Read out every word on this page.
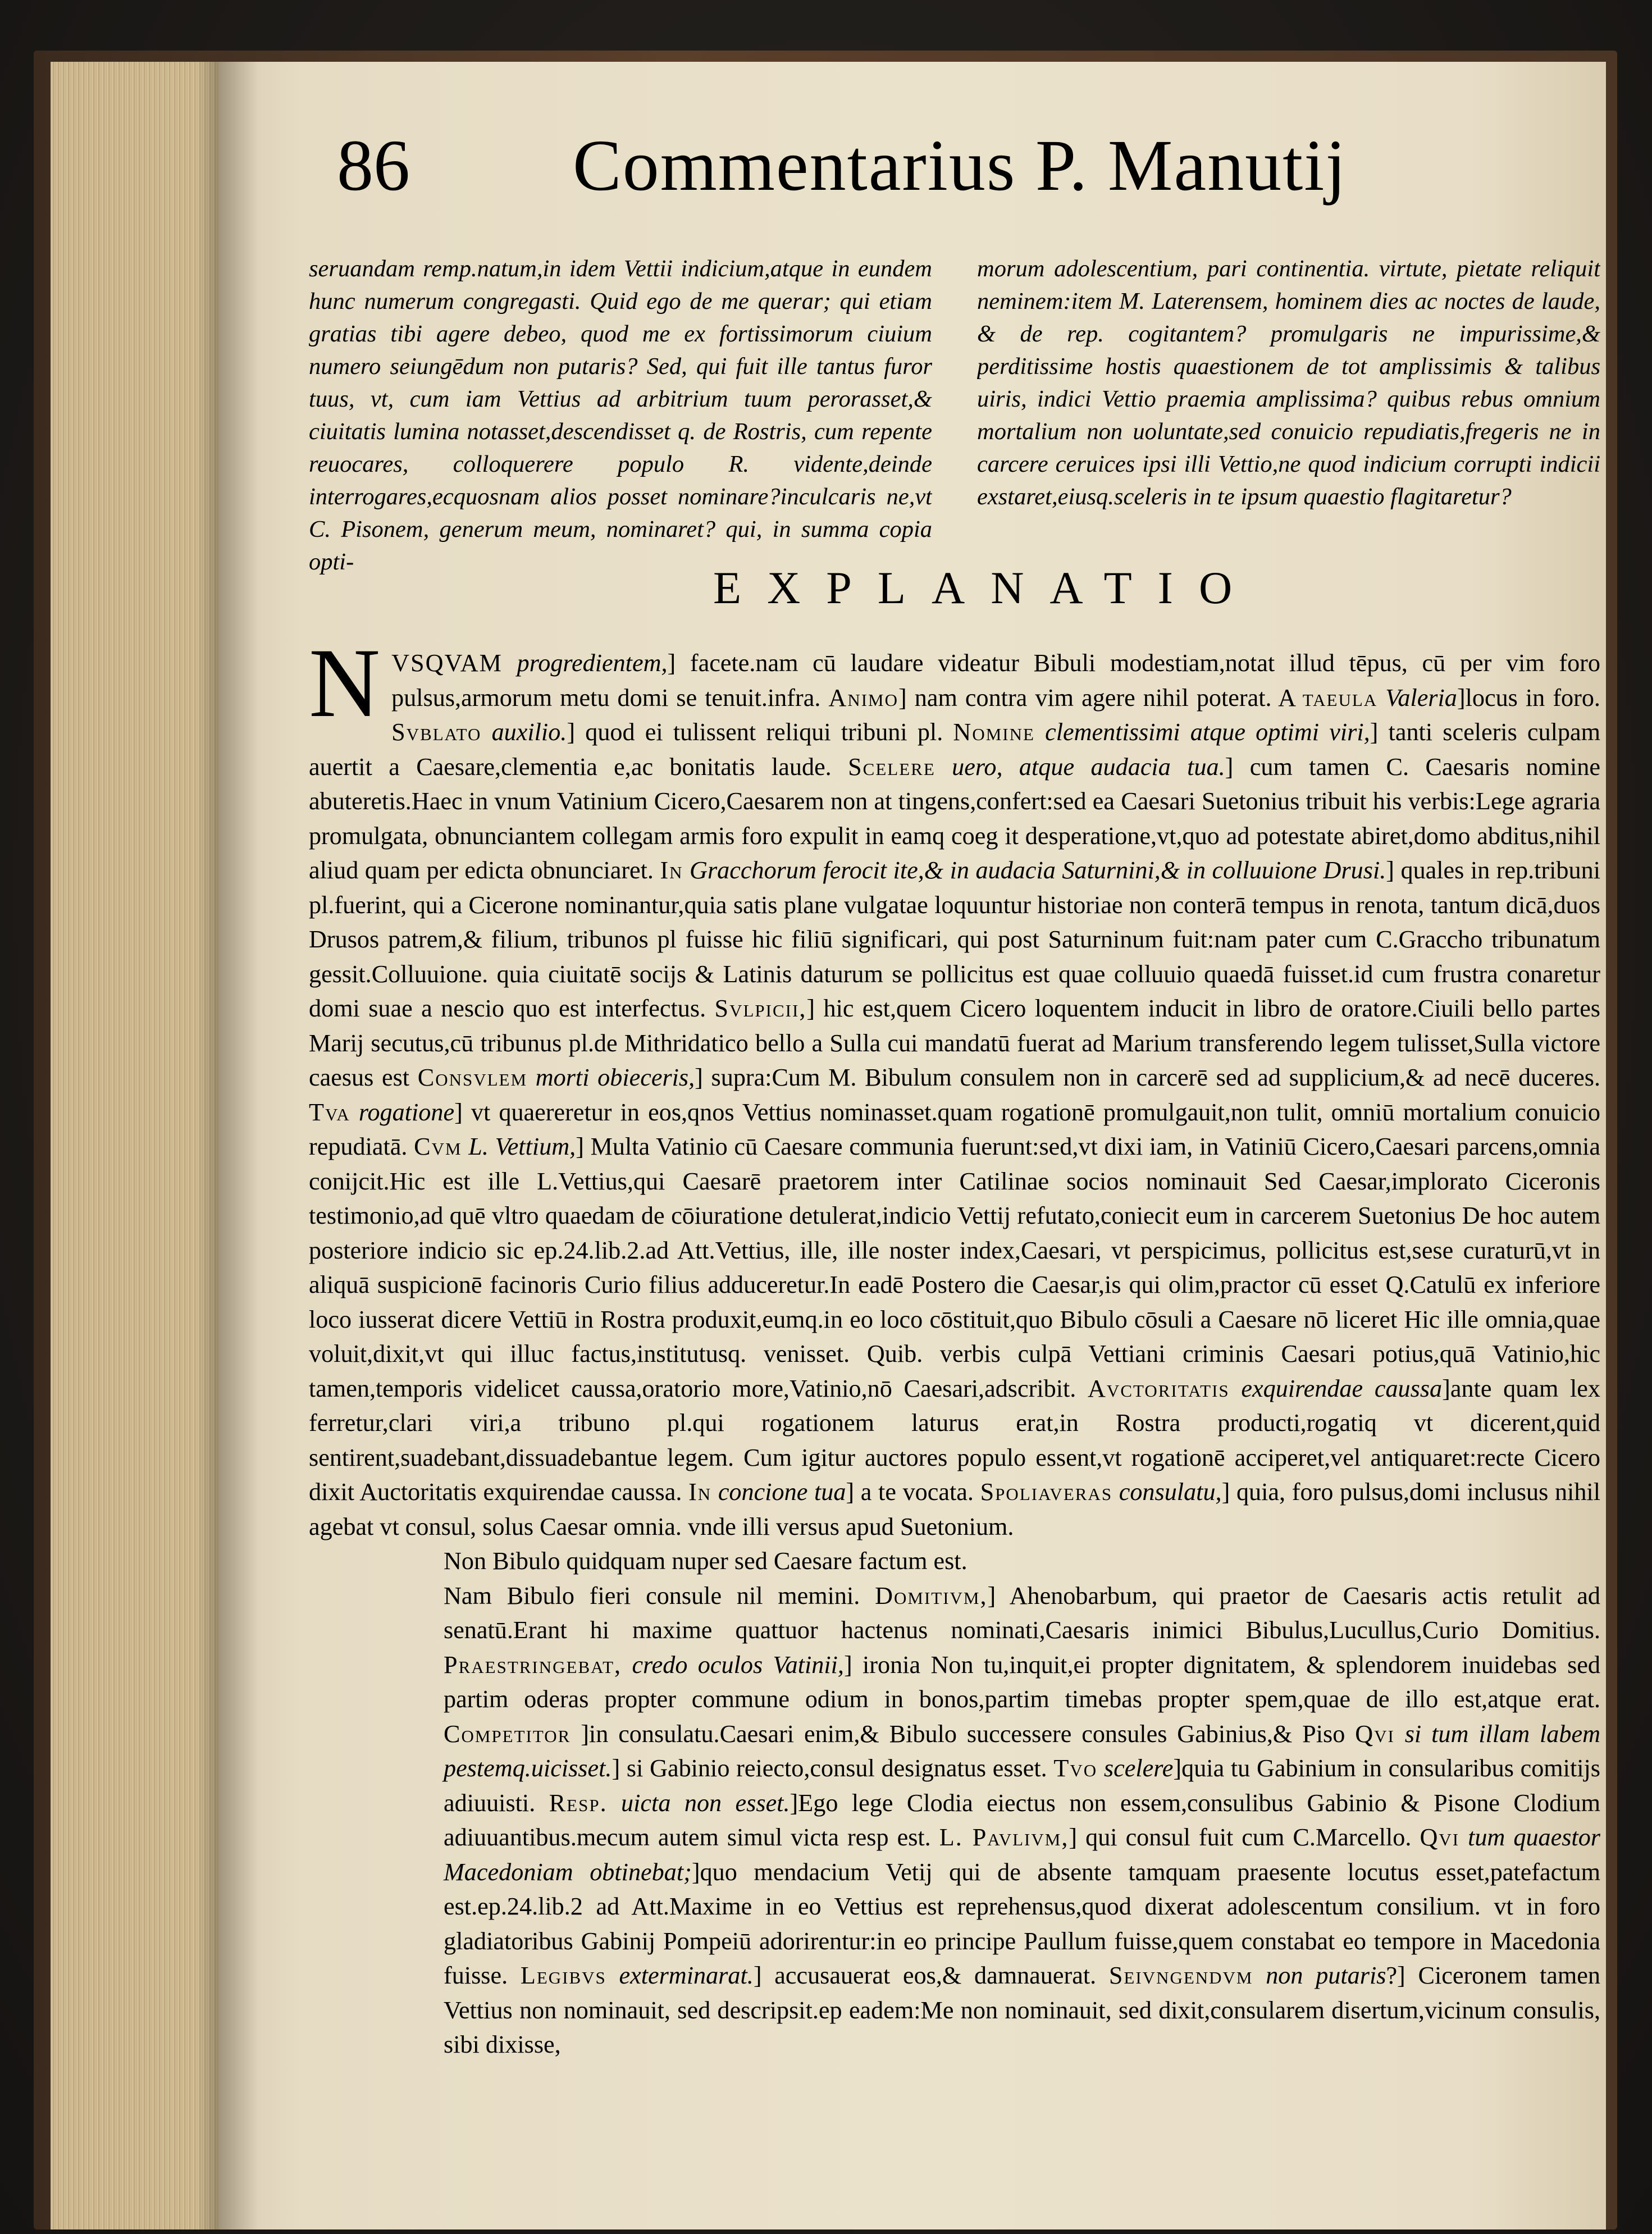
86	Commentarius P. Manutij

seruandam remp.natum,in idem Vettii indicium,atque in eundem hunc numerum congregasti. Quid ego de me querar; qui etiam gratias tibi agere debeo, quod me ex fortissimorum ciuium numero seiungēdum non putaris? Sed, qui fuit ille tantus furor tuus, vt, cum iam Vettius ad arbitrium tuum perorasset,& ciuitatis lumina notasset,descendisset q. de Rostris, cum repente reuocares, colloquerere populo R. vidente,deinde interrogares,ecquosnam alios posset nominare?inculcaris ne,vt C. Pisonem, generum meum, nominaret? qui, in summa copia opti-

morum adolescentium, pari continentia. virtute, pietate reliquit neminem:item M. Laterensem, hominem dies ac noctes de laude, & de rep. cogitantem? promulgaris ne impurissime,& perditissime hostis quaestionem de tot amplissimis & talibus uiris, indici Vettio praemia amplissima? quibus rebus omnium mortalium non uoluntate,sed conuicio repudiatis,fregeris ne in carcere ceruices ipsi illi Vettio,ne quod indicium corrupti indicii exstaret,eiusq.sceleris in te ipsum quaestio flagitaretur?

EXPLANATIO

NVSQVAM progredientem,] facete.nam cū laudare videatur Bibuli modestiam,notat illud tēpus, cū per vim foro pulsus,armorum metu domi se tenuit.infra. Animo] nam contra vim agere nihil poterat. A taeula Valeria]locus in foro. Svblato auxilio.] quod ei tulissent reliqui tribuni pl. Nomine clementissimi atque optimi viri,] tanti sceleris culpam auertit a Caesare,clementia e,ac bonitatis laude. Scelere uero, atque audacia tua.] cum tamen C. Caesaris nomine abuteretis.Haec in vnum Vatinium Cicero,Caesarem non at tingens,confert:sed ea Caesari Suetonius tribuit his verbis:Lege agraria promulgata, obnunciantem collegam armis foro expulit in eamq coeg it desperatione,vt,quo ad potestate abiret,domo abditus,nihil aliud quam per edicta obnunciaret. In Gracchorum ferocit ite,& in audacia Saturnini,& in colluuione Drusi.] quales in rep.tribuni pl.fuerint, qui a Cicerone nominantur,quia satis plane vulgatae loquuntur historiae non conterā tempus in renota, tantum dicā,duos Drusos patrem,& filium, tribunos pl fuisse hic filiū significari, qui post Saturninum fuit:nam pater cum C.Graccho tribunatum gessit.Colluuione. quia ciuitatē socijs & Latinis daturum se pollicitus est quae colluuio quaedā fuisset.id cum frustra conaretur domi suae a nescio quo est interfectus. Svlpicii,] hic est,quem Cicero loquentem inducit in libro de oratore.Ciuili bello partes Marij secutus,cū tribunus pl.de Mithridatico bello a Sulla cui mandatū fuerat ad Marium transferendo legem tulisset,Sulla victore caesus est Consvlem morti obieceris,] supra:Cum M. Bibulum consulem non in carcerē sed ad supplicium,& ad necē duceres. Tva rogatione] vt quaereretur in eos,qnos Vettius nominasset.quam rogationē promulgauit,non tulit, omniū mortalium conuicio repudiatā. Cvm L. Vettium,] Multa Vatinio cū Caesare communia fuerunt:sed,vt dixi iam, in Vatiniū Cicero,Caesari parcens,omnia conijcit.Hic est ille L.Vettius,qui Caesarē praetorem inter Catilinae socios nominauit Sed Caesar,implorato Ciceronis testimonio,ad quē vltro quaedam de cōiuratione detulerat,indicio Vettij refutato,coniecit eum in carcerem Suetonius De hoc autem posteriore indicio sic ep.24.lib.2.ad Att.Vettius, ille, ille noster index,Caesari, vt perspicimus, pollicitus est,sese curaturū,vt in aliquā suspicionē facinoris Curio filius adduceretur.In eadē Postero die Caesar,is qui olim,practor cū esset Q.Catulū ex inferiore loco iusserat dicere Vettiū in Rostra produxit,eumq.in eo loco cōstituit,quo Bibulo cōsuli a Caesare nō liceret Hic ille omnia,quae voluit,dixit,vt qui illuc factus,institutusq. venisset. Quib. verbis culpā Vettiani criminis Caesari potius,quā Vatinio,hic tamen,temporis videlicet caussa,oratorio more,Vatinio,nō Caesari,adscribit. Avctoritatis exquirendae caussa]ante quam lex ferretur,clari viri,a tribuno pl.qui rogationem laturus erat,in Rostra producti,rogatiq vt dicerent,quid sentirent,suadebant,dissuadebantue legem. Cum igitur auctores populo essent,vt rogationē acciperet,vel antiquaret:recte Cicero dixit Auctoritatis exquirendae caussa. In concione tua] a te vocata. Spoliaveras consulatu,] quia, foro pulsus,domi inclusus nihil agebat vt consul, solus Caesar omnia. vnde illi versus apud Suetonium.

Non Bibulo quidquam nuper sed Caesare factum est.

Nam Bibulo fieri consule nil memini. Domitivm,] Ahenobarbum, qui praetor de Caesaris actis retulit ad senatū.Erant hi maxime quattuor hactenus nominati,Caesaris inimici Bibulus,Lucullus,Curio Domitius. Praestringebat, credo oculos Vatinii,] ironia Non tu,inquit,ei propter dignitatem, & splendorem inuidebas sed partim oderas propter commune odium in bonos,partim timebas propter spem,quae de illo est,atque erat. Competitor ]in consulatu.Caesari enim,& Bibulo successere consules Gabinius,& Piso Qvi si tum illam labem pestemq.uicisset.] si Gabinio reiecto,consul designatus esset. Tvo scelere]quia tu Gabinium in consularibus comitijs adiuuisti. Resp. uicta non esset.]Ego lege Clodia eiectus non essem,consulibus Gabinio & Pisone Clodium adiuuantibus.mecum autem simul victa resp est. L. Pavlivm,] qui consul fuit cum C.Marcello. Qvi tum quaestor Macedoniam obtinebat;]quo mendacium Vetij qui de absente tamquam praesente locutus esset,patefactum est.ep.24.lib.2 ad Att.Maxime in eo Vettius est reprehensus,quod dixerat adolescentum consilium. vt in foro gladiatoribus Gabinij Pompeiū adorirentur:in eo principe Paullum fuisse,quem constabat eo tempore in Macedonia fuisse. Legibvs exterminarat.] accusauerat eos,& damnauerat. Seivngendvm non putaris?] Ciceronem tamen Vettius non nominauit, sed descripsit.ep eadem:Me non nominauit, sed dixit,consularem disertum,vicinum consulis, sibi dixisse,
